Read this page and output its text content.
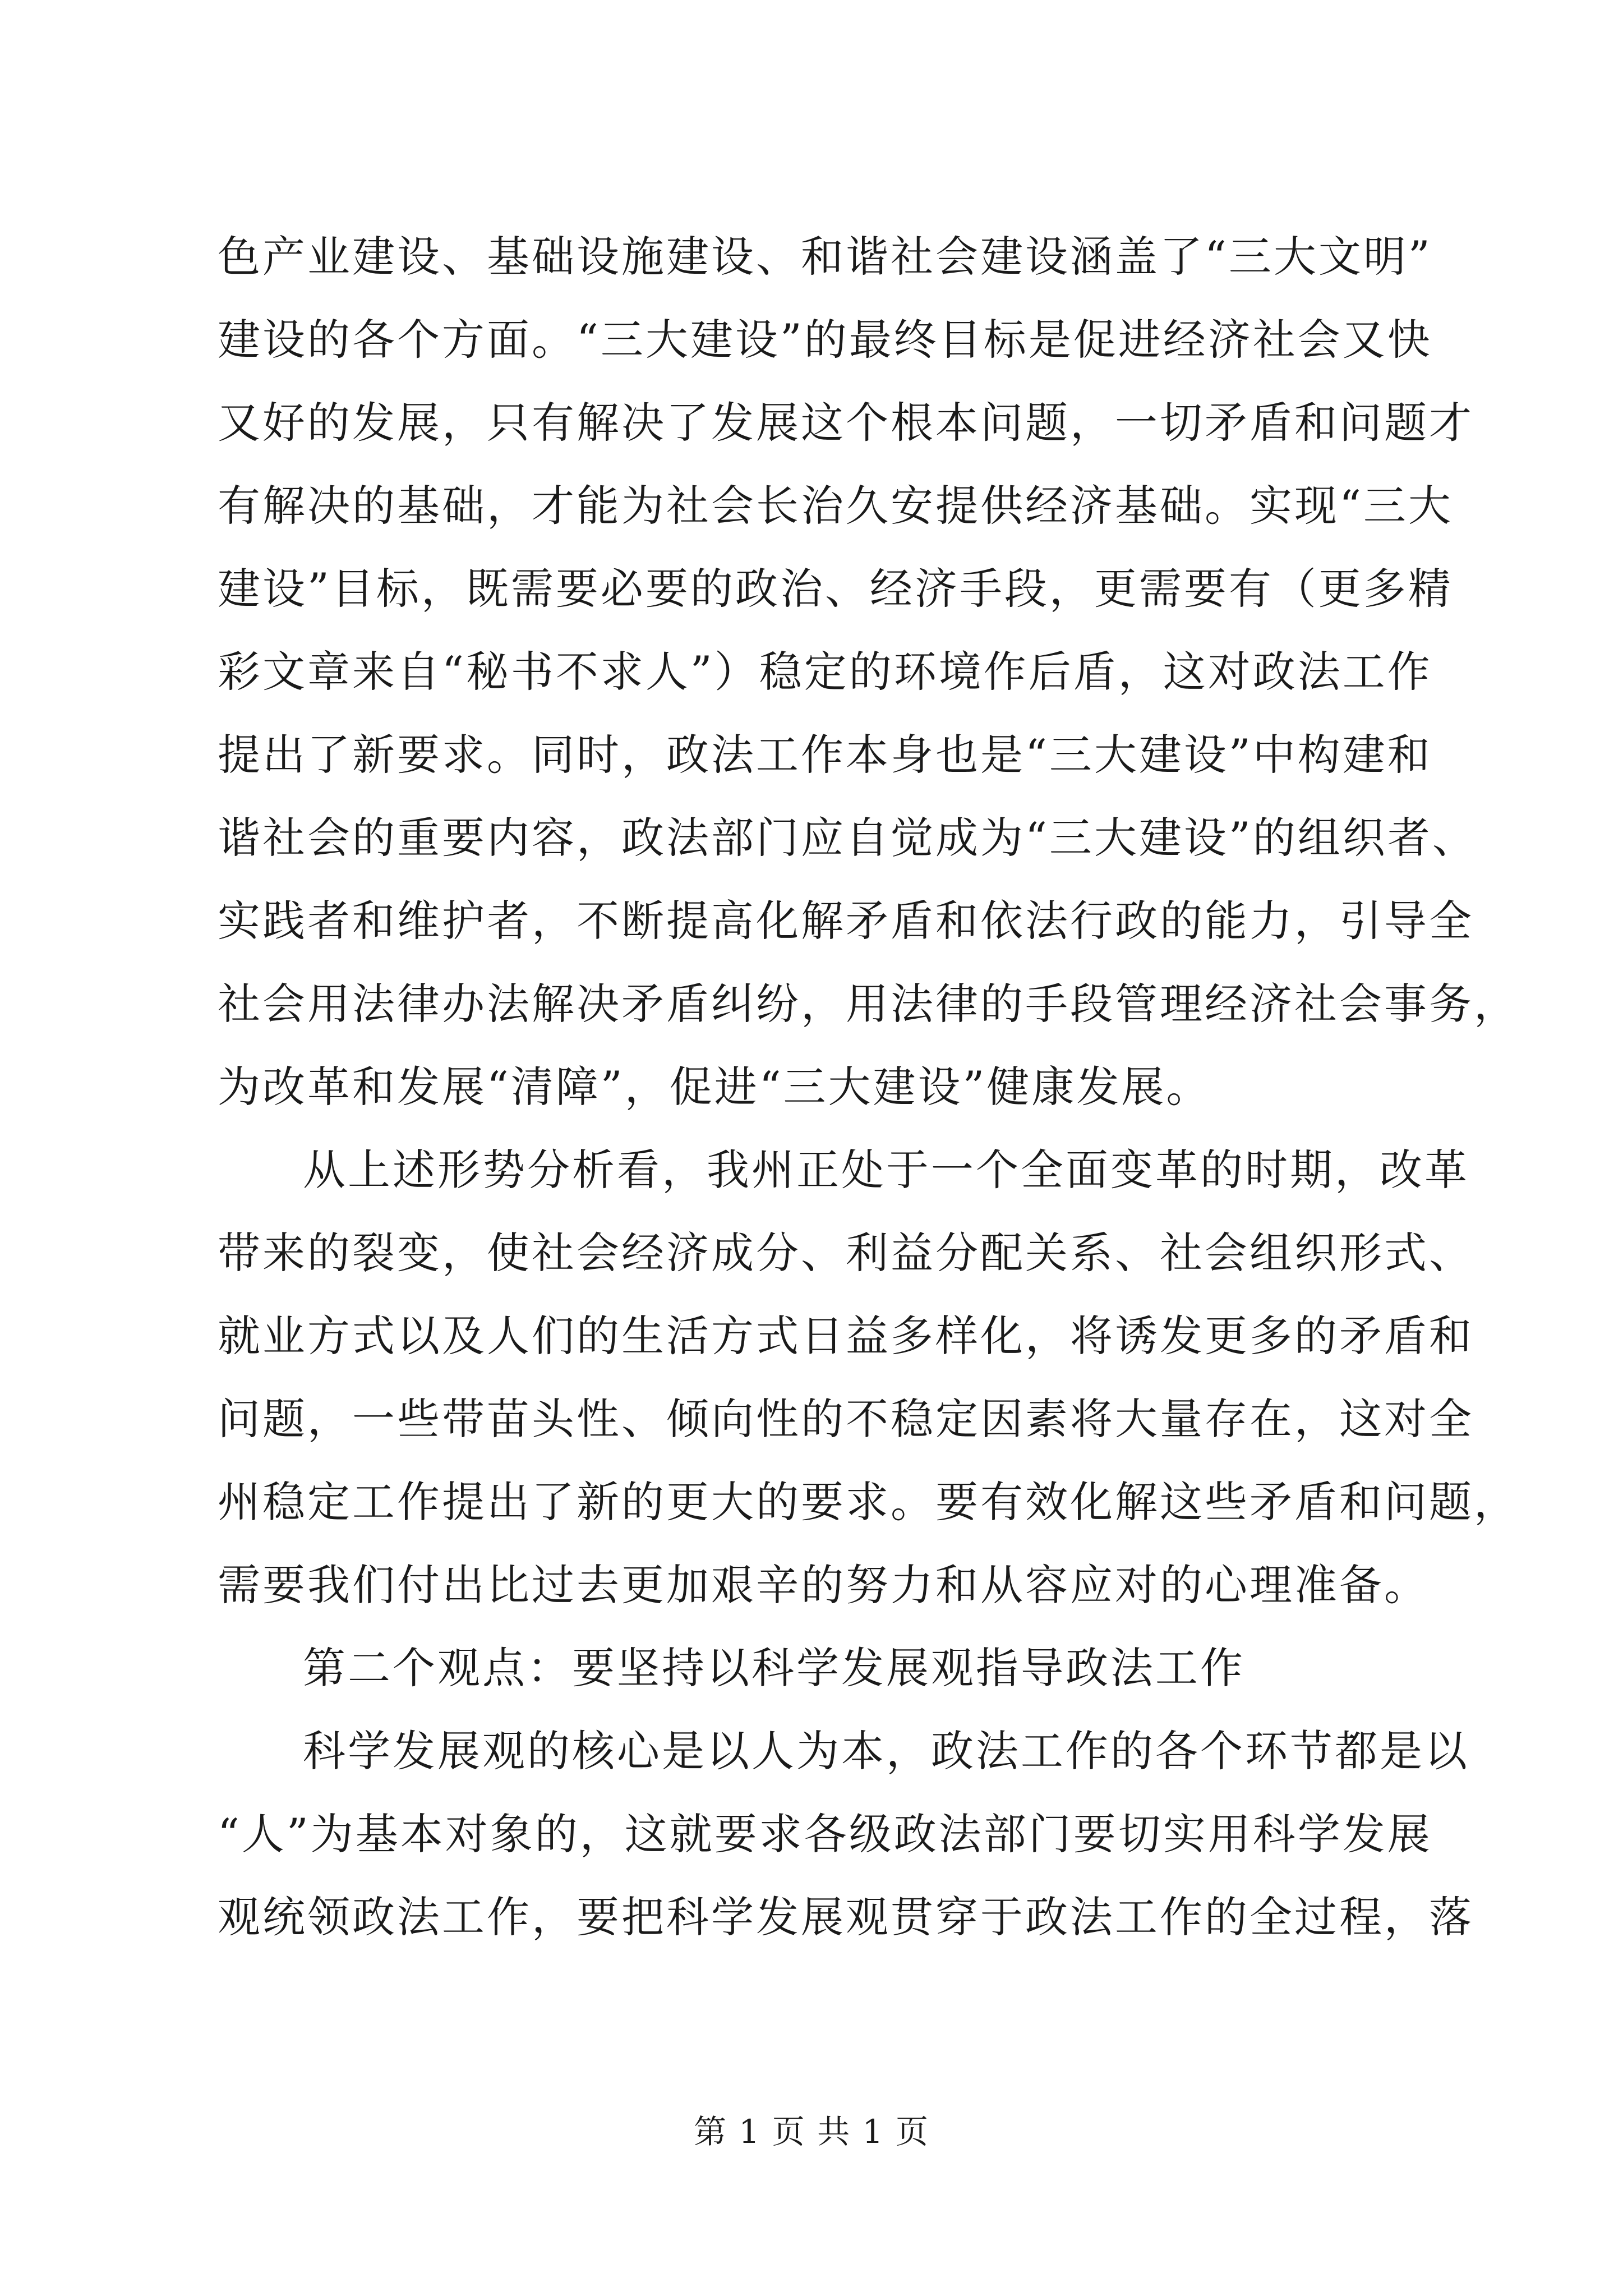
色产业建设、基础设施建设、和谐社会建设涵盖了“三大文明”
建设的各个方面。“三大建设”的最终目标是促进经济社会又快
又好的发展，只有解决了发展这个根本问题，一切矛盾和问题才
有解决的基础，才能为社会长治久安提供经济基础。实现“三大
建设”目标，既需要必要的政治、经济手段，更需要有（更多精
彩文章来自“秘书不求人”）稳定的环境作后盾，这对政法工作
提出了新要求。同时，政法工作本身也是“三大建设”中构建和
谐社会的重要内容，政法部门应自觉成为“三大建设”的组织者、
实践者和维护者，不断提高化解矛盾和依法行政的能力，引导全
社会用法律办法解决矛盾纠纷，用法律的手段管理经济社会事务，
为改革和发展“清障”，促进“三大建设”健康发展。
从上述形势分析看，我州正处于一个全面变革的时期，改革
带来的裂变，使社会经济成分、利益分配关系、社会组织形式、
就业方式以及人们的生活方式日益多样化，将诱发更多的矛盾和
问题，一些带苗头性、倾向性的不稳定因素将大量存在，这对全
州稳定工作提出了新的更大的要求。要有效化解这些矛盾和问题，
需要我们付出比过去更加艰辛的努力和从容应对的心理准备。
第二个观点：要坚持以科学发展观指导政法工作
科学发展观的核心是以人为本，政法工作的各个环节都是以
“人”为基本对象的，这就要求各级政法部门要切实用科学发展
观统领政法工作，要把科学发展观贯穿于政法工作的全过程，落
第 1 页 共 1 页
